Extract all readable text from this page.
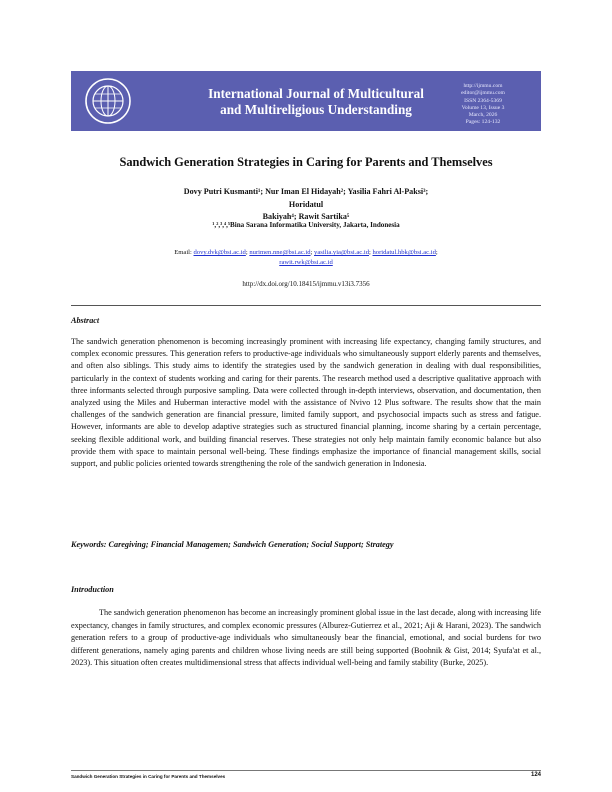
International Journal of Multicultural
and Multireligious Understanding
http://ijmmu.com
editor@ijmmu.com
ISSN 2364-5369
Volume 13, Issue 3
March, 2026
Pages: 124-132
Sandwich Generation Strategies in Caring for Parents and Themselves
Dovy Putri Kusmanti¹; Nur Iman El Hidayah²; Yasilia Fahri Al-Paksi³; Horidatul
Bakiyah⁴; Rawit Sartika⁵
¹,²,³,⁴,⁵Bina Sarana Informatika University, Jakarta, Indonesia
Email: dovy.dvk@bsi.ac.id; nurimen.nne@bsi.ac.id; yasilia.yia@bsi.ac.id; horidatul.hbk@bsi.ac.id;
rawit.rwk@bsi.ac.id
http://dx.doi.org/10.18415/ijmmu.v13i3.7356
Abstract

The sandwich generation phenomenon is becoming increasingly prominent with increasing life expectancy, changing family structures, and complex economic pressures. This generation refers to productive-age individuals who simultaneously support elderly parents and themselves, and often also siblings. This study aims to identify the strategies used by the sandwich generation in dealing with dual responsibilities, particularly in the context of students working and caring for their parents. The research method used a descriptive qualitative approach with three informants selected through purposive sampling. Data were collected through in-depth interviews, observation, and documentation, then analyzed using the Miles and Huberman interactive model with the assistance of Nvivo 12 Plus software. The results show that the main challenges of the sandwich generation are financial pressure, limited family support, and psychosocial impacts such as stress and fatigue. However, informants are able to develop adaptive strategies such as structured financial planning, income sharing by a certain percentage, seeking flexible additional work, and building financial reserves. These strategies not only help maintain family economic balance but also provide them with space to maintain personal well-being. These findings emphasize the importance of financial management skills, social support, and public policies oriented towards strengthening the role of the sandwich generation in Indonesia.

Keywords: Caregiving; Financial Managemen; Sandwich Generation; Social Support; Strategy
Introduction

The sandwich generation phenomenon has become an increasingly prominent global issue in the last decade, along with increasing life expectancy, changes in family structures, and complex economic pressures (Alburez-Gutierrez et al., 2021; Aji & Harani, 2023). The sandwich generation refers to a group of productive-age individuals who simultaneously bear the financial, emotional, and social burdens for two different generations, namely aging parents and children whose living needs are still being supported (Boohnik & Gist, 2014; Syufa'at et al., 2023). This situation often creates multidimensional stress that affects individual well-being and family stability (Burke, 2025).

Sandwich Generation Strategies in Caring for Parents and Themselves	124
